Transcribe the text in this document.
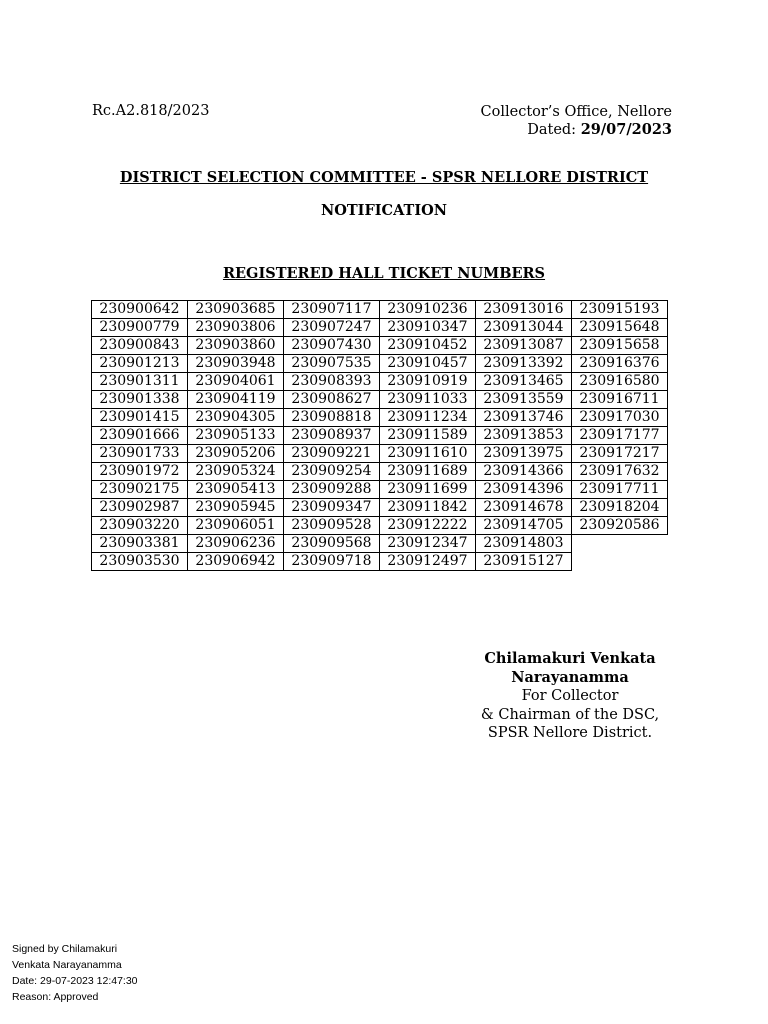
Rc.A2.818/2023	Collector’s Office, Nellore
Dated: 29/07/2023
DISTRICT SELECTION COMMITTEE - SPSR NELLORE DISTRICT
NOTIFICATION
REGISTERED HALL TICKET NUMBERS
230900642	230903685	230907117	230910236	230913016	230915193
230900779	230903806	230907247	230910347	230913044	230915648
230900843	230903860	230907430	230910452	230913087	230915658
230901213	230903948	230907535	230910457	230913392	230916376
230901311	230904061	230908393	230910919	230913465	230916580
230901338	230904119	230908627	230911033	230913559	230916711
230901415	230904305	230908818	230911234	230913746	230917030
230901666	230905133	230908937	230911589	230913853	230917177
230901733	230905206	230909221	230911610	230913975	230917217
230901972	230905324	230909254	230911689	230914366	230917632
230902175	230905413	230909288	230911699	230914396	230917711
230902987	230905945	230909347	230911842	230914678	230918204
230903220	230906051	230909528	230912222	230914705	230920586
230903381	230906236	230909568	230912347	230914803	
230903530	230906942	230909718	230912497	230915127	
Chilamakuri Venkata
Narayanamma
For Collector
& Chairman of the DSC,
SPSR Nellore District.
Signed by Chilamakuri
Venkata Narayanamma
Date: 29-07-2023 12:47:30
Reason: Approved
